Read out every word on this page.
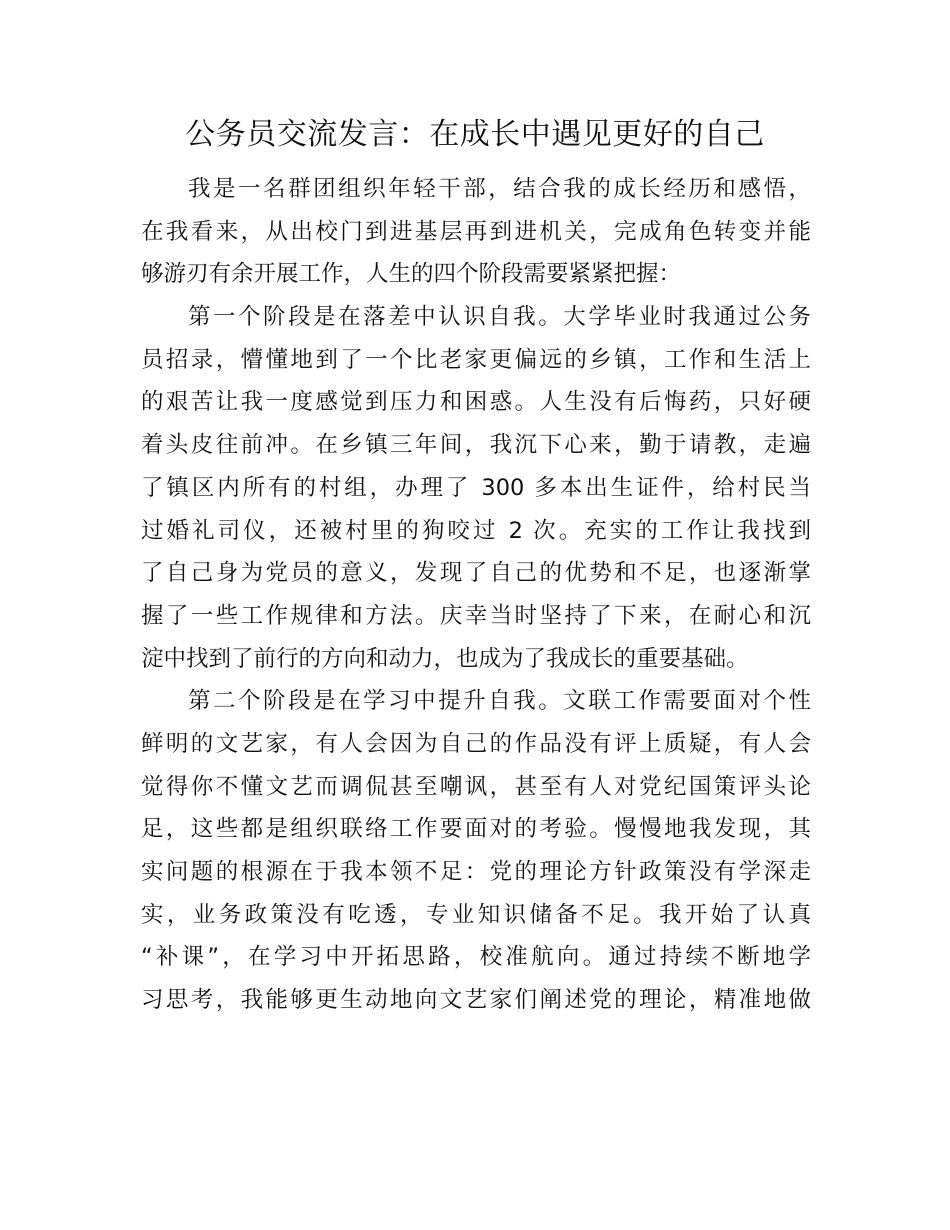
公务员交流发言：在成长中遇见更好的自己
我是一名群团组织年轻干部，结合我的成长经历和感悟，
在我看来，从出校门到进基层再到进机关，完成角色转变并能
够游刃有余开展工作，人生的四个阶段需要紧紧把握：
第一个阶段是在落差中认识自我。大学毕业时我通过公务
员招录，懵懂地到了一个比老家更偏远的乡镇，工作和生活上
的艰苦让我一度感觉到压力和困惑。人生没有后悔药，只好硬
着头皮往前冲。在乡镇三年间，我沉下心来，勤于请教，走遍
了镇区内所有的村组，办理了 300 多本出生证件，给村民当
过婚礼司仪，还被村里的狗咬过 2 次。充实的工作让我找到
了自己身为党员的意义，发现了自己的优势和不足，也逐渐掌
握了一些工作规律和方法。庆幸当时坚持了下来，在耐心和沉
淀中找到了前行的方向和动力，也成为了我成长的重要基础。
第二个阶段是在学习中提升自我。文联工作需要面对个性
鲜明的文艺家，有人会因为自己的作品没有评上质疑，有人会
觉得你不懂文艺而调侃甚至嘲讽，甚至有人对党纪国策评头论
足，这些都是组织联络工作要面对的考验。慢慢地我发现，其
实问题的根源在于我本领不足：党的理论方针政策没有学深走
实，业务政策没有吃透，专业知识储备不足。我开始了认真
“补课”，在学习中开拓思路，校准航向。通过持续不断地学
习思考，我能够更生动地向文艺家们阐述党的理论，精准地做
